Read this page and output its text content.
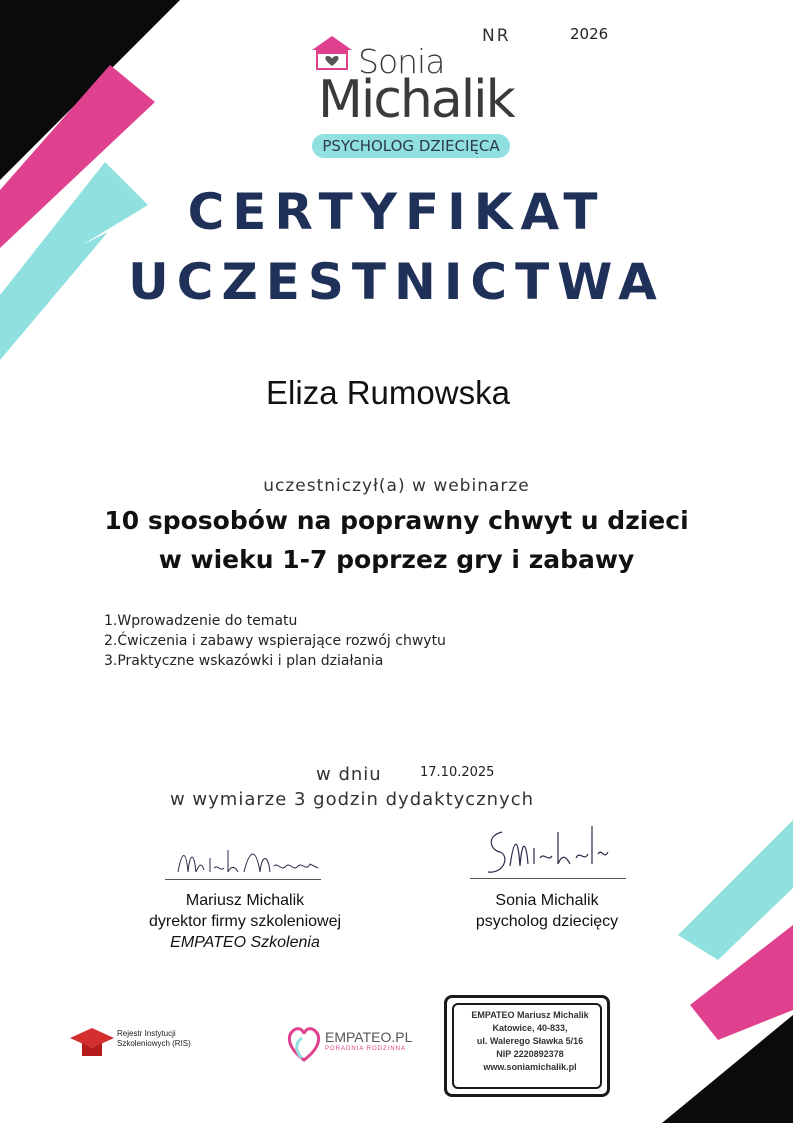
NR	2026
Sonia
Michalik
PSYCHOLOG DZIECIĘCA
CERTYFIKAT
UCZESTNICTWA
Eliza Rumowska
uczestniczył(a) w webinarze
10 sposobów na poprawny chwyt u dzieci
w wieku 1-7 poprzez gry i zabawy
1.Wprowadzenie do tematu
2.Ćwiczenia i zabawy wspierające rozwój chwytu
3.Praktyczne wskazówki i plan działania
w dniu	17.10.2025
w wymiarze 3 godzin dydaktycznych
Mariusz Michalik
dyrektor firmy szkoleniowej
EMPATEO Szkolenia
Sonia Michalik
psycholog dziecięcy
Rejestr Instytucji
Szkoleniowych (RIS)	EMPATEO.PL
PORADNIA RODZINNA
EMPATEO Mariusz Michalik
Katowice, 40-833,
ul. Walerego Sławka 5/16
NIP 2220892378
www.soniamichalik.pl
